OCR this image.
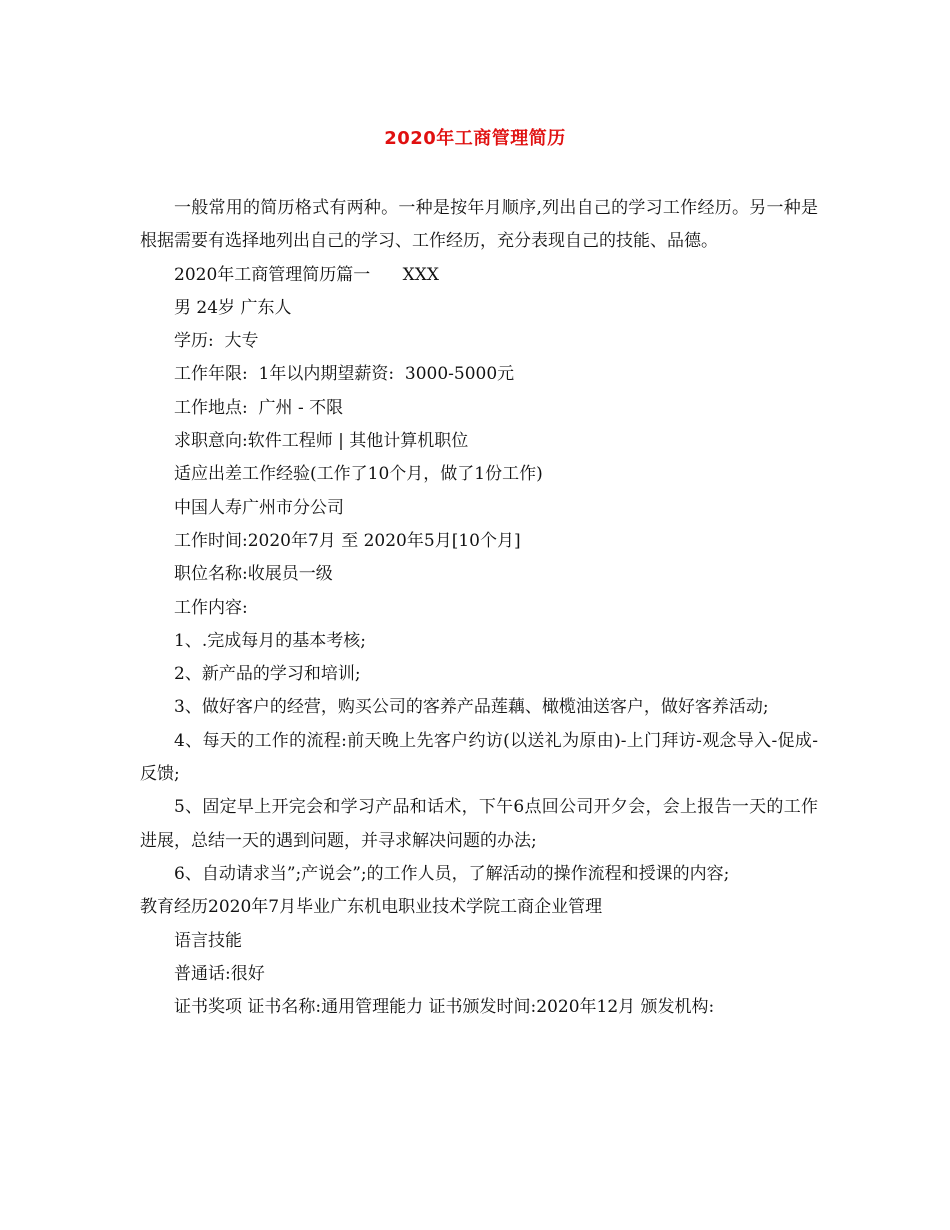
2020年工商管理简历

一般常用的简历格式有两种。一种是按年月顺序,列出自己的学习工作经历。另一种是根据需要有选择地列出自己的学习、工作经历，充分表现自己的技能、品德。

2020年工商管理简历篇一      XXX

男 24岁 广东人

学历:  大专

工作年限:  1年以内期望薪资:  3000-5000元

工作地点:  广州 - 不限

求职意向:软件工程师 | 其他计算机职位

适应出差工作经验(工作了10个月，做了1份工作)

中国人寿广州市分公司

工作时间:2020年7月 至 2020年5月[10个月]

职位名称:收展员一级

工作内容:

1、.完成每月的基本考核;

2、新产品的学习和培训;

3、做好客户的经营，购买公司的客养产品莲藕、橄榄油送客户，做好客养活动;

4、每天的工作的流程:前天晚上先客户约访(以送礼为原由)-上门拜访-观念导入-促成-反馈;

5、固定早上开完会和学习产品和话术，下午6点回公司开夕会，会上报告一天的工作进展，总结一天的遇到问题，并寻求解决问题的办法;

6、自动请求当”;产说会”;的工作人员，了解活动的操作流程和授课的内容;

教育经历2020年7月毕业广东机电职业技术学院工商企业管理

语言技能

普通话:很好

证书奖项 证书名称:通用管理能力 证书颁发时间:2020年12月 颁发机构:
